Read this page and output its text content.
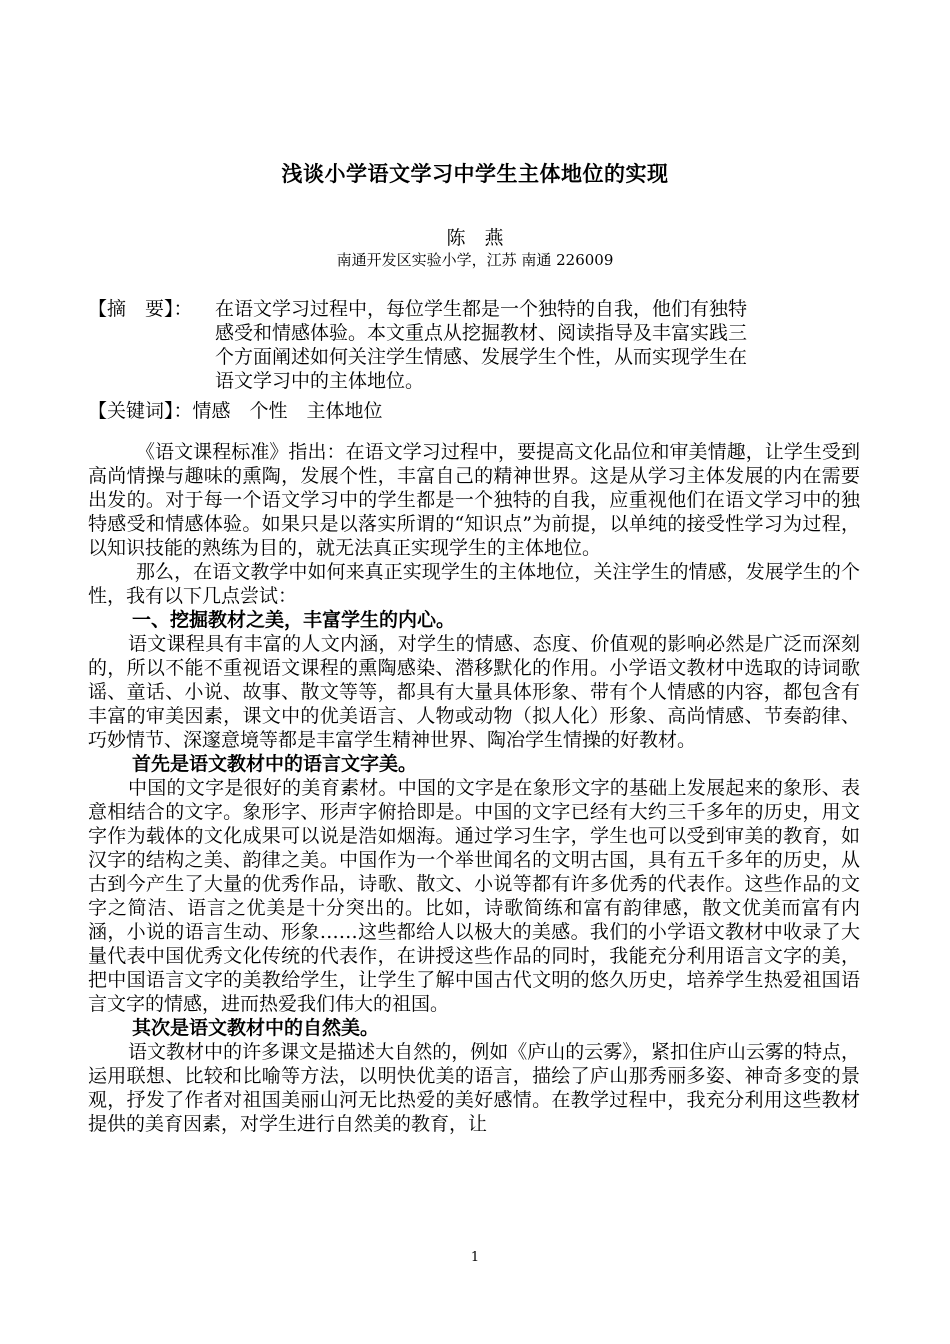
浅谈小学语文学习中学生主体地位的实现
陈　燕
南通开发区实验小学，江苏 南通 226009
【摘　要】： 在语文学习过程中，每位学生都是一个独特的自我，他们有独特感受和情感体验。本文重点从挖掘教材、阅读指导及丰富实践三个方面阐述如何关注学生情感、发展学生个性，从而实现学生在语文学习中的主体地位。
【关键词】：情感　个性　主体地位

《语文课程标准》指出：在语文学习过程中，要提高文化品位和审美情趣，让学生受到高尚情操与趣味的熏陶，发展个性，丰富自己的精神世界。这是从学习主体发展的内在需要出发的。对于每一个语文学习中的学生都是一个独特的自我，应重视他们在语文学习中的独特感受和情感体验。如果只是以落实所谓的“知识点”为前提，以单纯的接受性学习为过程，以知识技能的熟练为目的，就无法真正实现学生的主体地位。

那么，在语文教学中如何来真正实现学生的主体地位，关注学生的情感，发展学生的个性，我有以下几点尝试：

一、挖掘教材之美，丰富学生的内心。

语文课程具有丰富的人文内涵，对学生的情感、态度、价值观的影响必然是广泛而深刻的，所以不能不重视语文课程的熏陶感染、潜移默化的作用。小学语文教材中选取的诗词歌谣、童话、小说、故事、散文等等，都具有大量具体形象、带有个人情感的内容，都包含有丰富的审美因素，课文中的优美语言、人物或动物（拟人化）形象、高尚情感、节奏韵律、巧妙情节、深邃意境等都是丰富学生精神世界、陶冶学生情操的好教材。

首先是语文教材中的语言文字美。

中国的文字是很好的美育素材。中国的文字是在象形文字的基础上发展起来的象形、表意相结合的文字。象形字、形声字俯拾即是。中国的文字已经有大约三千多年的历史，用文字作为载体的文化成果可以说是浩如烟海。通过学习生字，学生也可以受到审美的教育，如汉字的结构之美、韵律之美。中国作为一个举世闻名的文明古国，具有五千多年的历史，从古到今产生了大量的优秀作品，诗歌、散文、小说等都有许多优秀的代表作。这些作品的文字之简洁、语言之优美是十分突出的。比如，诗歌简练和富有韵律感，散文优美而富有内涵，小说的语言生动、形象……这些都给人以极大的美感。我们的小学语文教材中收录了大量代表中国优秀文化传统的代表作，在讲授这些作品的同时，我能充分利用语言文字的美，把中国语言文字的美教给学生，让学生了解中国古代文明的悠久历史，培养学生热爱祖国语言文字的情感，进而热爱我们伟大的祖国。

其次是语文教材中的自然美。

语文教材中的许多课文是描述大自然的，例如《庐山的云雾》，紧扣住庐山云雾的特点，运用联想、比较和比喻等方法，以明快优美的语言，描绘了庐山那秀丽多姿、神奇多变的景观，抒发了作者对祖国美丽山河无比热爱的美好感情。在教学过程中，我充分利用这些教材提供的美育因素，对学生进行自然美的教育，让

1
